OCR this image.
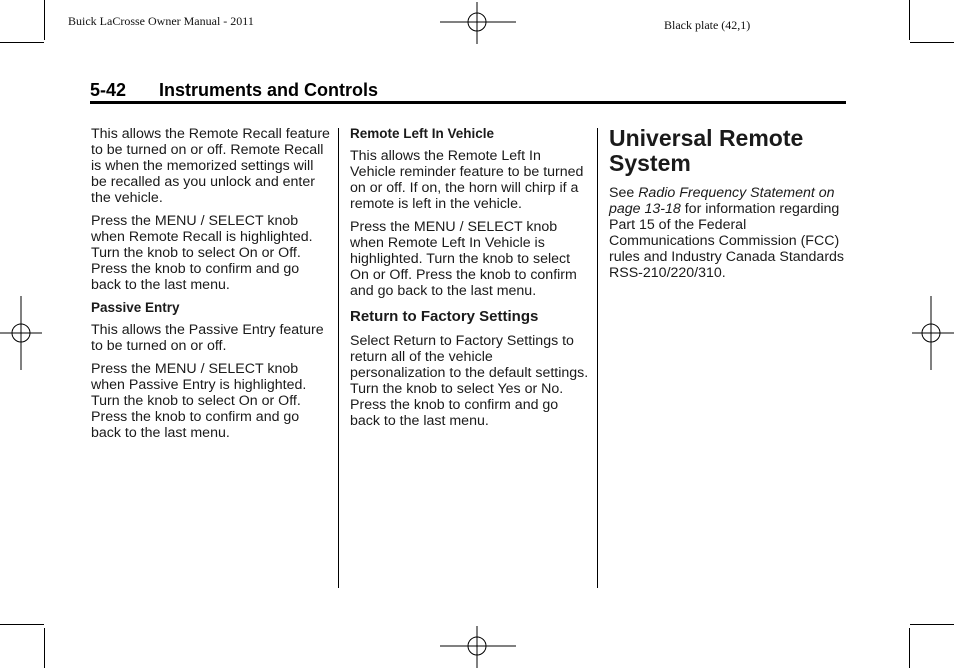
Buick LaCrosse Owner Manual - 2011	Black plate (42,1)
5-42 Instruments and Controls

This allows the Remote Recall feature to be turned on or off. Remote Recall is when the memorized settings will be recalled as you unlock and enter the vehicle.

Press the MENU / SELECT knob when Remote Recall is highlighted. Turn the knob to select On or Off. Press the knob to confirm and go back to the last menu.

Passive Entry

This allows the Passive Entry feature to be turned on or off.

Press the MENU / SELECT knob when Passive Entry is highlighted. Turn the knob to select On or Off. Press the knob to confirm and go back to the last menu.

Remote Left In Vehicle

This allows the Remote Left In Vehicle reminder feature to be turned on or off. If on, the horn will chirp if a remote is left in the vehicle.

Press the MENU / SELECT knob when Remote Left In Vehicle is highlighted. Turn the knob to select On or Off. Press the knob to confirm and go back to the last menu.

Return to Factory Settings

Select Return to Factory Settings to return all of the vehicle personalization to the default settings. Turn the knob to select Yes or No. Press the knob to confirm and go back to the last menu.

Universal Remote System

See Radio Frequency Statement on page 13-18 for information regarding Part 15 of the Federal Communications Commission (FCC) rules and Industry Canada Standards RSS-210/220/310.
